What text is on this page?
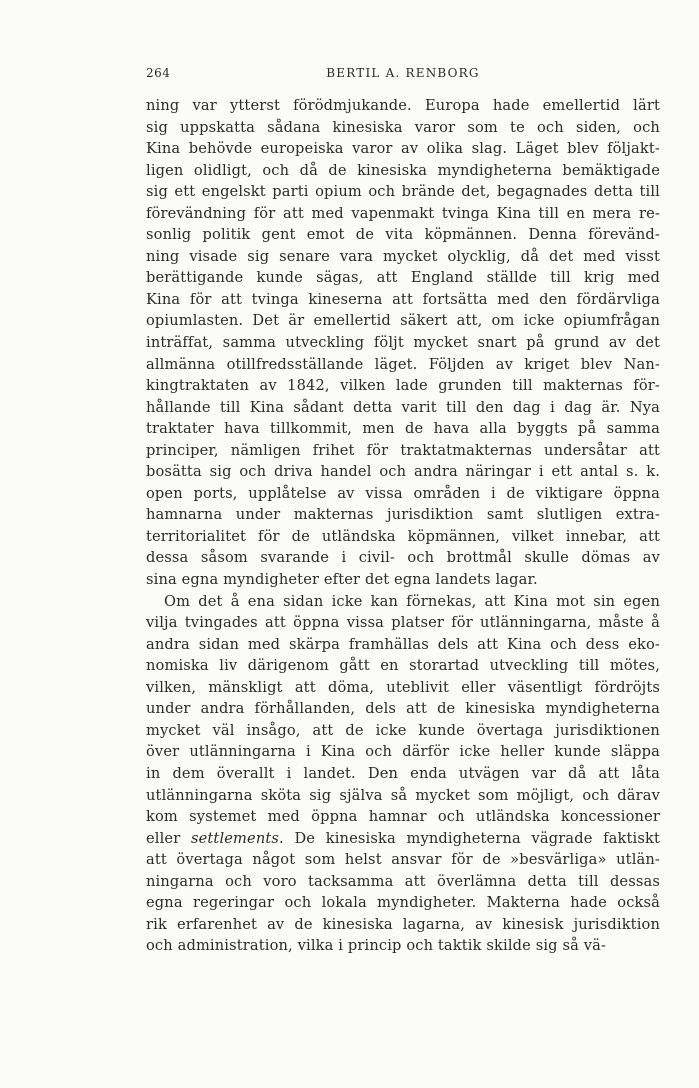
264	BERTIL A. RENBORG
ning var ytterst förödmjukande. Europa hade emellertid lärt
sig uppskatta sådana kinesiska varor som te och siden, och
Kina behövde europeiska varor av olika slag. Läget blev följakt-
ligen olidligt, och då de kinesiska myndigheterna bemäktigade
sig ett engelskt parti opium och brände det, begagnades detta till
förevändning för att med vapenmakt tvinga Kina till en mera re-
sonlig politik gent emot de vita köpmännen. Denna förevänd-
ning visade sig senare vara mycket olycklig, då det med visst
berättigande kunde sägas, att England ställde till krig med
Kina för att tvinga kineserna att fortsätta med den fördärvliga
opiumlasten. Det är emellertid säkert att, om icke opiumfrågan
inträffat, samma utveckling följt mycket snart på grund av det
allmänna otillfredsställande läget. Följden av kriget blev Nan-
kingtraktaten av 1842, vilken lade grunden till makternas för-
hållande till Kina sådant detta varit till den dag i dag är. Nya
traktater hava tillkommit, men de hava alla byggts på samma
principer, nämligen frihet för traktatmakternas undersåtar att
bosätta sig och driva handel och andra näringar i ett antal s. k.
open ports, upplåtelse av vissa områden i de viktigare öppna
hamnarna under makternas jurisdiktion samt slutligen extra-
territorialitet för de utländska köpmännen, vilket innebar, att
dessa såsom svarande i civil- och brottmål skulle dömas av
sina egna myndigheter efter det egna landets lagar.
Om det å ena sidan icke kan förnekas, att Kina mot sin egen
vilja tvingades att öppna vissa platser för utlänningarna, måste å
andra sidan med skärpa framhällas dels att Kina och dess eko-
nomiska liv därigenom gått en storartad utveckling till mötes,
vilken, mänskligt att döma, uteblivit eller väsentligt fördröjts
under andra förhållanden, dels att de kinesiska myndigheterna
mycket väl insågo, att de icke kunde övertaga jurisdiktionen
över utlänningarna i Kina och därför icke heller kunde släppa
in dem överallt i landet. Den enda utvägen var då att låta
utlänningarna sköta sig själva så mycket som möjligt, och därav
kom systemet med öppna hamnar och utländska koncessioner
eller settlements. De kinesiska myndigheterna vägrade faktiskt
att övertaga något som helst ansvar för de »besvärliga» utlän-
ningarna och voro tacksamma att överlämna detta till dessas
egna regeringar och lokala myndigheter. Makterna hade också
rik erfarenhet av de kinesiska lagarna, av kinesisk jurisdiktion
och administration, vilka i princip och taktik skilde sig så vä-
